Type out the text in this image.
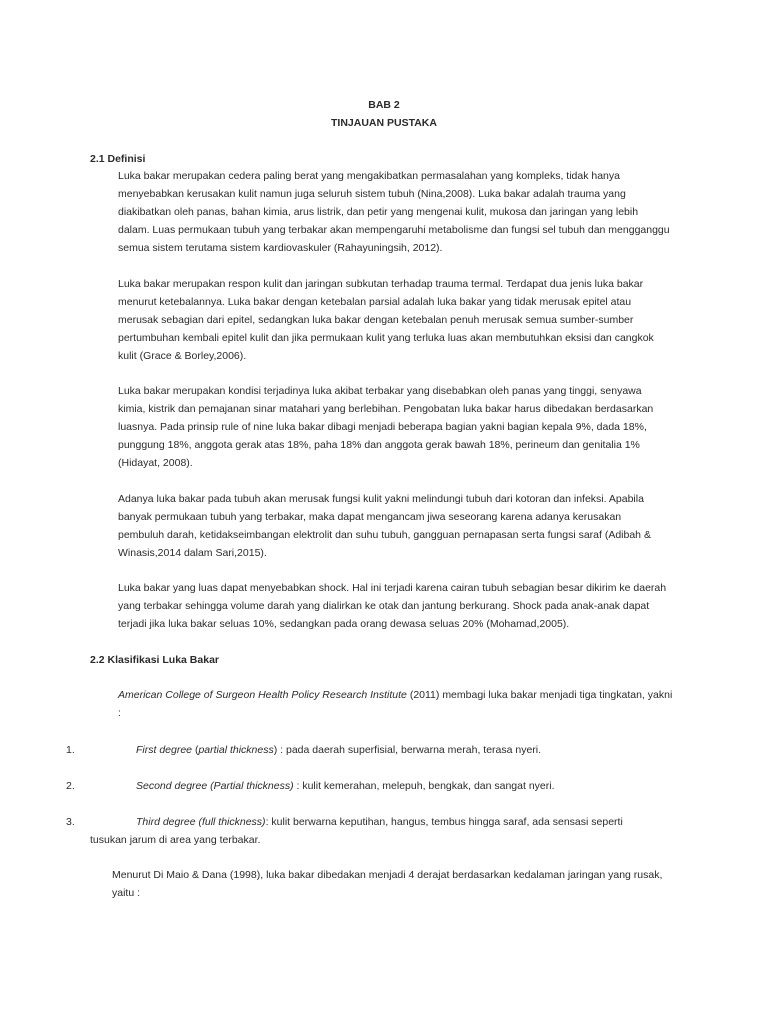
BAB 2
TINJAUAN PUSTAKA
2.1 Definisi

Luka bakar merupakan cedera paling berat yang mengakibatkan permasalahan yang kompleks, tidak hanya
menyebabkan kerusakan kulit namun juga seluruh sistem tubuh (Nina,2008). Luka bakar adalah trauma yang
diakibatkan oleh panas, bahan kimia, arus listrik, dan petir yang mengenai kulit, mukosa dan jaringan yang lebih
dalam. Luas permukaan tubuh yang terbakar akan mempengaruhi metabolisme dan fungsi sel tubuh dan mengganggu
semua sistem terutama sistem kardiovaskuler (Rahayuningsih, 2012).

Luka bakar merupakan respon kulit dan jaringan subkutan terhadap trauma termal. Terdapat dua jenis luka bakar
menurut ketebalannya. Luka bakar dengan ketebalan parsial adalah luka bakar yang tidak merusak epitel atau
merusak sebagian dari epitel, sedangkan luka bakar dengan ketebalan penuh merusak semua sumber-sumber
pertumbuhan kembali epitel kulit dan jika permukaan kulit yang terluka luas akan membutuhkan eksisi dan cangkok
kulit (Grace & Borley,2006).

Luka bakar merupakan kondisi terjadinya luka akibat terbakar yang disebabkan oleh panas yang tinggi, senyawa
kimia, kistrik dan pemajanan sinar matahari yang berlebihan. Pengobatan luka bakar harus dibedakan berdasarkan
luasnya. Pada prinsip rule of nine luka bakar dibagi menjadi beberapa bagian yakni bagian kepala 9%, dada 18%,
punggung 18%, anggota gerak atas 18%, paha 18% dan anggota gerak bawah 18%, perineum dan genitalia 1%
(Hidayat, 2008).

Adanya luka bakar pada tubuh akan merusak fungsi kulit yakni melindungi tubuh dari kotoran dan infeksi. Apabila
banyak permukaan tubuh yang terbakar, maka dapat mengancam jiwa seseorang karena adanya kerusakan
pembuluh darah, ketidakseimbangan elektrolit dan suhu tubuh, gangguan pernapasan serta fungsi saraf (Adibah &
Winasis,2014 dalam Sari,2015).

Luka bakar yang luas dapat menyebabkan shock. Hal ini terjadi karena cairan tubuh sebagian besar dikirim ke daerah
yang terbakar sehingga volume darah yang dialirkan ke otak dan jantung berkurang. Shock pada anak-anak dapat
terjadi jika luka bakar seluas 10%, sedangkan pada orang dewasa seluas 20% (Mohamad,2005).

2.2 Klasifikasi Luka Bakar

American College of Surgeon Health Policy Research Institute (2011) membagi luka bakar menjadi tiga tingkatan, yakni
:

1.	First degree (partial thickness) : pada daerah superfisial, berwarna merah, terasa nyeri.

2.	Second degree (Partial thickness) : kulit kemerahan, melepuh, bengkak, dan sangat nyeri.

3.	Third degree (full thickness): kulit berwarna keputihan, hangus, tembus hingga saraf, ada sensasi seperti

tusukan jarum di area yang terbakar.

Menurut Di Maio & Dana (1998), luka bakar dibedakan menjadi 4 derajat berdasarkan kedalaman jaringan yang rusak,
yaitu :
